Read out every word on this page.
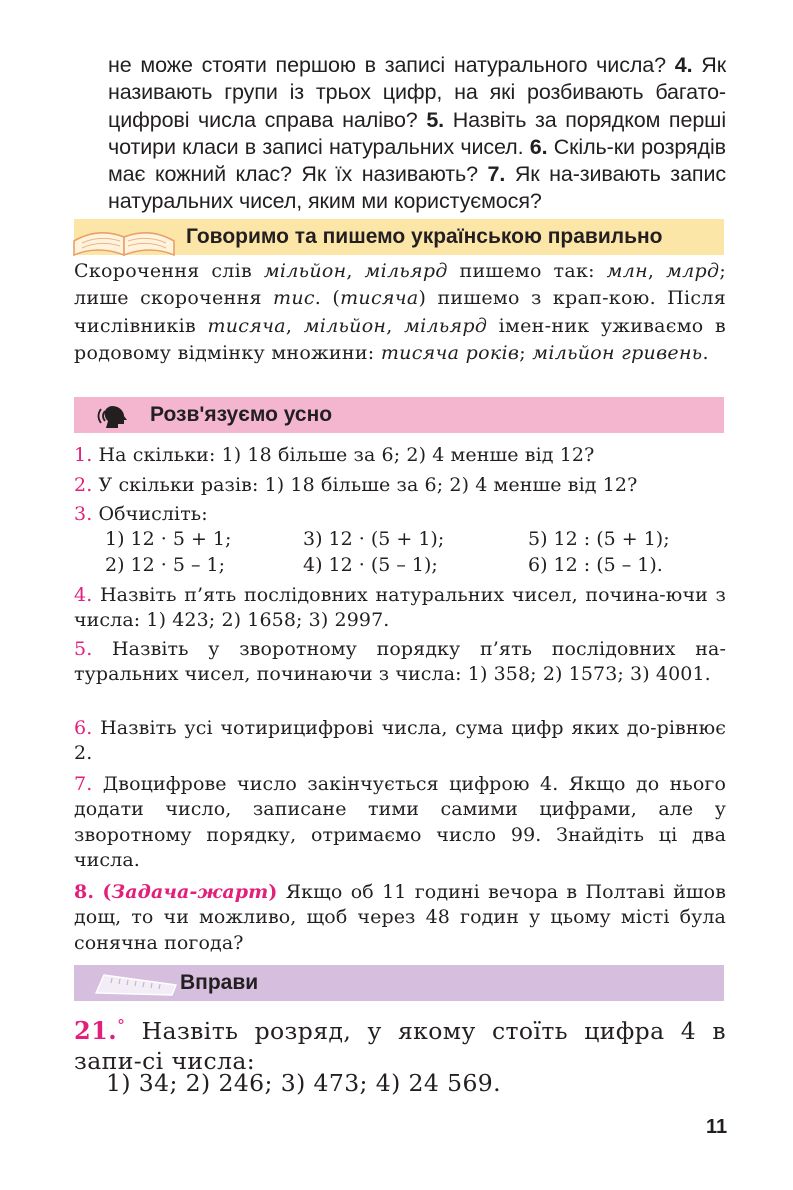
не може стояти першою в записі натурального числа? 4. Як називають групи із трьох цифр, на які розбивають багато-цифрові числа справа наліво? 5. Назвіть за порядком перші чотири класи в записі натуральних чисел. 6. Скіль-ки розрядів має кожний клас? Як їх називають? 7. Як на-зивають запис натуральних чисел, яким ми користуємося?
Говоримо та пишемо українською правильно
Скорочення слів мільйон, мільярд пишемо так: млн, млрд; лише скорочення тис. (тисяча) пишемо з крап-кою. Після числівників тисяча, мільйон, мільярд імен-ник уживаємо в родовому відмінку множини: тисяча років; мільйон гривень.
Розв'язуємо усно
1. На скільки: 1) 18 більше за 6; 2) 4 менше від 12?
2. У скільки разів: 1) 18 більше за 6; 2) 4 менше від 12?
3. Обчисліть:
1) 12 · 5 + 1;
2) 12 · 5 – 1;
3) 12 · (5 + 1);
4) 12 · (5 – 1);
5) 12 : (5 + 1);
6) 12 : (5 – 1).
4. Назвіть п’ять послідовних натуральних чисел, почина-ючи з числа: 1) 423; 2) 1658; 3) 2997.
5. Назвіть у зворотному порядку п’ять послідовних на-туральних чисел, починаючи з числа: 1) 358; 2) 1573; 3) 4001.
6. Назвіть усі чотирицифрові числа, сума цифр яких до-рівнює 2.
7. Двоцифрове число закінчується цифрою 4. Якщо до нього додати число, записане тими самими цифрами, але у зворотному порядку, отримаємо число 99. Знайдіть ці два числа.
8. (Задача-жарт) Якщо об 11 годині вечора в Полтаві йшов дощ, то чи можливо, щоб через 48 годин у цьому місті була сонячна погода?
Вправи
21.° Назвіть розряд, у якому стоїть цифра 4 в запи-сі числа:
1) 34; 2) 246; 3) 473; 4) 24 569.
11
